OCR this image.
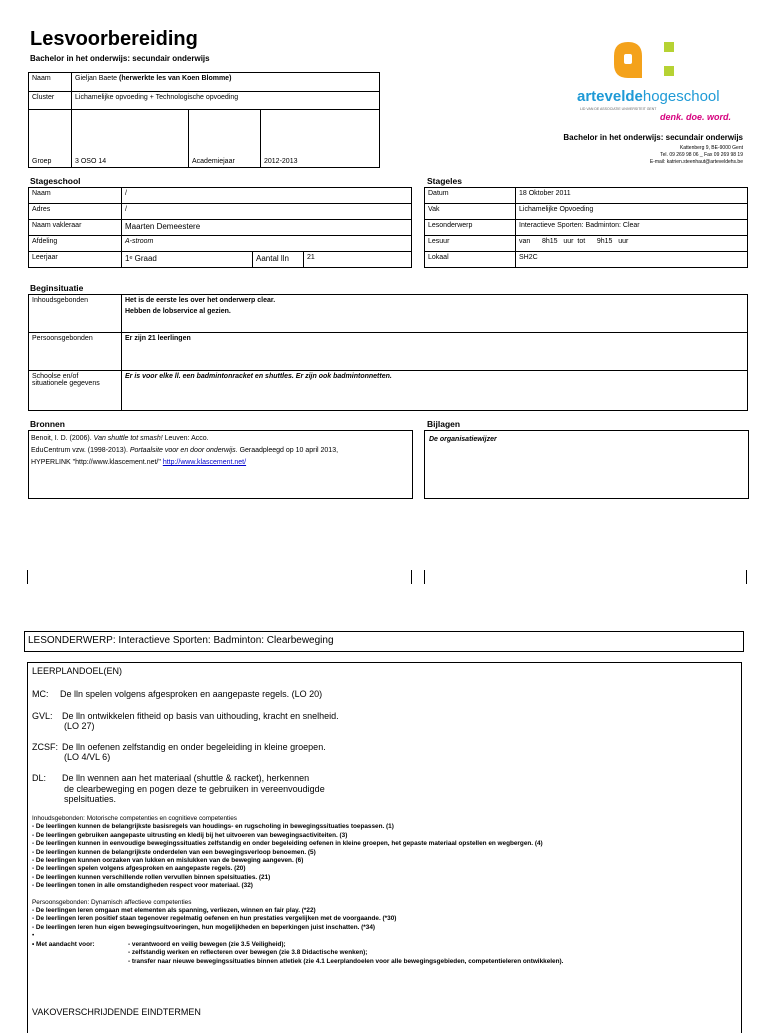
Lesvoorbereiding
Bachelor in het onderwijs: secundair onderwijs
arteveldehogeschool
LID VAN DE ASSOCIATIE UNIVERSITEIT GENT
denk. doe. word.
Bachelor in het onderwijs: secundair onderwijs
Kattenberg 9, BE-9000 Gent
Tel. 09 269 98 06 _ Fax 09 269 98 19
E-mail: katrien.steenhaut@arteveldehs.be
Naam	Gieljan Baete (herwerkte les van Koen Blomme)		
Cluster	Lichamelijke opvoeding + Technologische opvoeding		
Groep	3 OSO 14	Academiejaar	2012-2013
Stageschool
Naam	/		
Adres	/		
Naam vakleraar	Maarten Demeestere		
Afdeling	A-stroom		
Leerjaar	1ᵉ Graad	Aantal lln	21
Stageles
Datum	18 Oktober 2011
Vak	Lichamelijke Opvoeding
Lesonderwerp	Interactieve Sporten: Badminton: Clear
Lesuur	van      8h15   uur  tot      9h15   uur
Lokaal	SH2C
Beginsituatie
Inhoudsgebonden	Het is de eerste les over het onderwerp clear.
Hebben de lobservice al gezien.

Persoonsgebonden	Er zijn 21 leerlingen

Schoolse en/of
situationele gegevens	Er is voor elke ll. een badmintonracket en shuttles. Er zijn ook badmintonnetten.
Bronnen
Benoit, I. D. (2006). Van shuttle tot smash! Leuven: Acco.
EduCentrum vzw. (1998-2013). Portaalsite voor en door onderwijs. Geraadpleegd op 10 april 2013,
HYPERLINK "http://www.klascement.net/" http://www.klascement.net/
Bijlagen
De organisatiewijzer
LESONDERWERP: Interactieve Sporten: Badminton: Clearbeweging
LEERPLANDOEL(EN)
MC: De lln spelen volgens afgesproken en aangepaste regels. (LO 20)
GVL: De lln ontwikkelen fitheid op basis van uithouding, kracht en snelheid.
(LO 27)
ZCSF: De lln oefenen zelfstandig en onder begeleiding in kleine groepen.
(LO 4/VL 6)
DL: De lln wennen aan het materiaal (shuttle & racket), herkennen
de clearbeweging en pogen deze te gebruiken in vereenvoudigde
spelsituaties.
Inhoudsgebonden: Motorische competenties en cognitieve competenties
- De leerlingen kunnen de belangrijkste basisregels van houdings- en rugscholing in bewegingssituaties toepassen. (1)
- De leerlingen gebruiken aangepaste uitrusting en kledij bij het uitvoeren van bewegingsactiviteiten. (3)
- De leerlingen kunnen in eenvoudige bewegingssituaties zelfstandig en onder begeleiding oefenen in kleine groepen, het gepaste materiaal opstellen en wegbergen. (4)
- De leerlingen kunnen de belangrijkste onderdelen van een bewegingsverloop benoemen. (5)
- De leerlingen kunnen oorzaken van lukken en mislukken van de beweging aangeven. (6)
- De leerlingen spelen volgens afgesproken en aangepaste regels. (20)
- De leerlingen kunnen verschillende rollen vervullen binnen spelsituaties. (21)
- De leerlingen tonen in alle omstandigheden respect voor materiaal. (32)
Persoonsgebonden: Dynamisch affectieve competenties
- De leerlingen leren omgaan met elementen als spanning, verliezen, winnen en fair play. (*22)
- De leerlingen leren positief staan tegenover regelmatig oefenen en hun prestaties vergelijken met de voorgaande. (*30)
- De leerlingen leren hun eigen bewegingsuitvoeringen, hun mogelijkheden en beperkingen juist inschatten. (*34)
•
• Met aandacht voor:	- verantwoord en veilig bewegen (zie 3.5 Veiligheid);
- zelfstandig werken en reflecteren over bewegen (zie 3.8 Didactische wenken);
- transfer naar nieuwe bewegingssituaties binnen atletiek (zie 4.1 Leerplandoelen voor alle bewegingsgebieden, competentieleren ontwikkelen).
VAKOVERSCHRIJDENDE EINDTERMEN
